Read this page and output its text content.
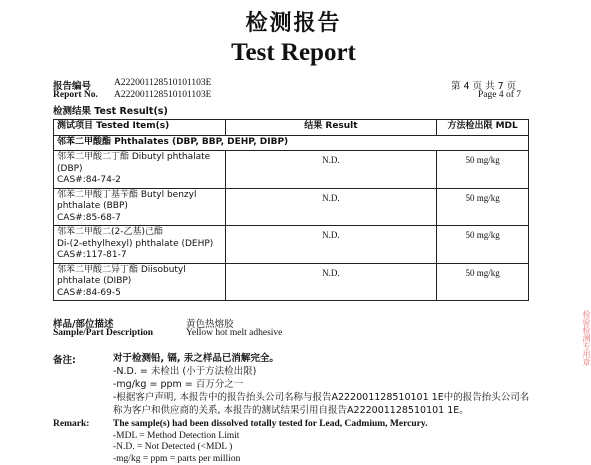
检测报告
Test Report
报告编号 A222001128510101103E
Report No. A222001128510101103E
第 4 页 共 7 页
Page 4 of 7
检测结果 Test Result(s)
测试项目 Tested Item(s)	结果 Result	方法检出限 MDL
邻苯二甲酸酯 Phthalates (DBP, BBP, DEHP, DIBP)		
邻苯二甲酸二丁酯 Dibutyl phthalate
(DBP)
CAS#:84-74-2	N.D.	50 mg/kg
邻苯二甲酸丁基苄酯 Butyl benzyl
phthalate (BBP)
CAS#:85-68-7	N.D.	50 mg/kg
邻苯二甲酸二(2-乙基)己酯
Di-(2-ethylhexyl) phthalate (DEHP)
CAS#:117-81-7	N.D.	50 mg/kg
邻苯二甲酸二异丁酯 Diisobutyl
phthalate (DIBP)
CAS#:84-69-5	N.D.	50 mg/kg
样品/部位描述
Sample/Part Description
黄色热熔胶
Yellow hot melt adhesive
备注:	对于检测铅, 镉, 汞之样品已消解完全。
-N.D. = 未检出 (小于方法检出限)
-mg/kg = ppm = 百万分之一
-根据客户声明, 本报告中的报告抬头公司名称与报告A222001128510101 1E中的报告抬头公司名
称为客户和供应商的关系, 本报告的测试结果引用自报告A222001128510101 1E。
Remark: The sample(s) had been dissolved totally tested for Lead, Cadmium, Mercury.
-MDL = Method Detection Limit
-N.D. = Not Detected (<MDL )
-mg/kg = ppm = parts per million
检验检测专用章
